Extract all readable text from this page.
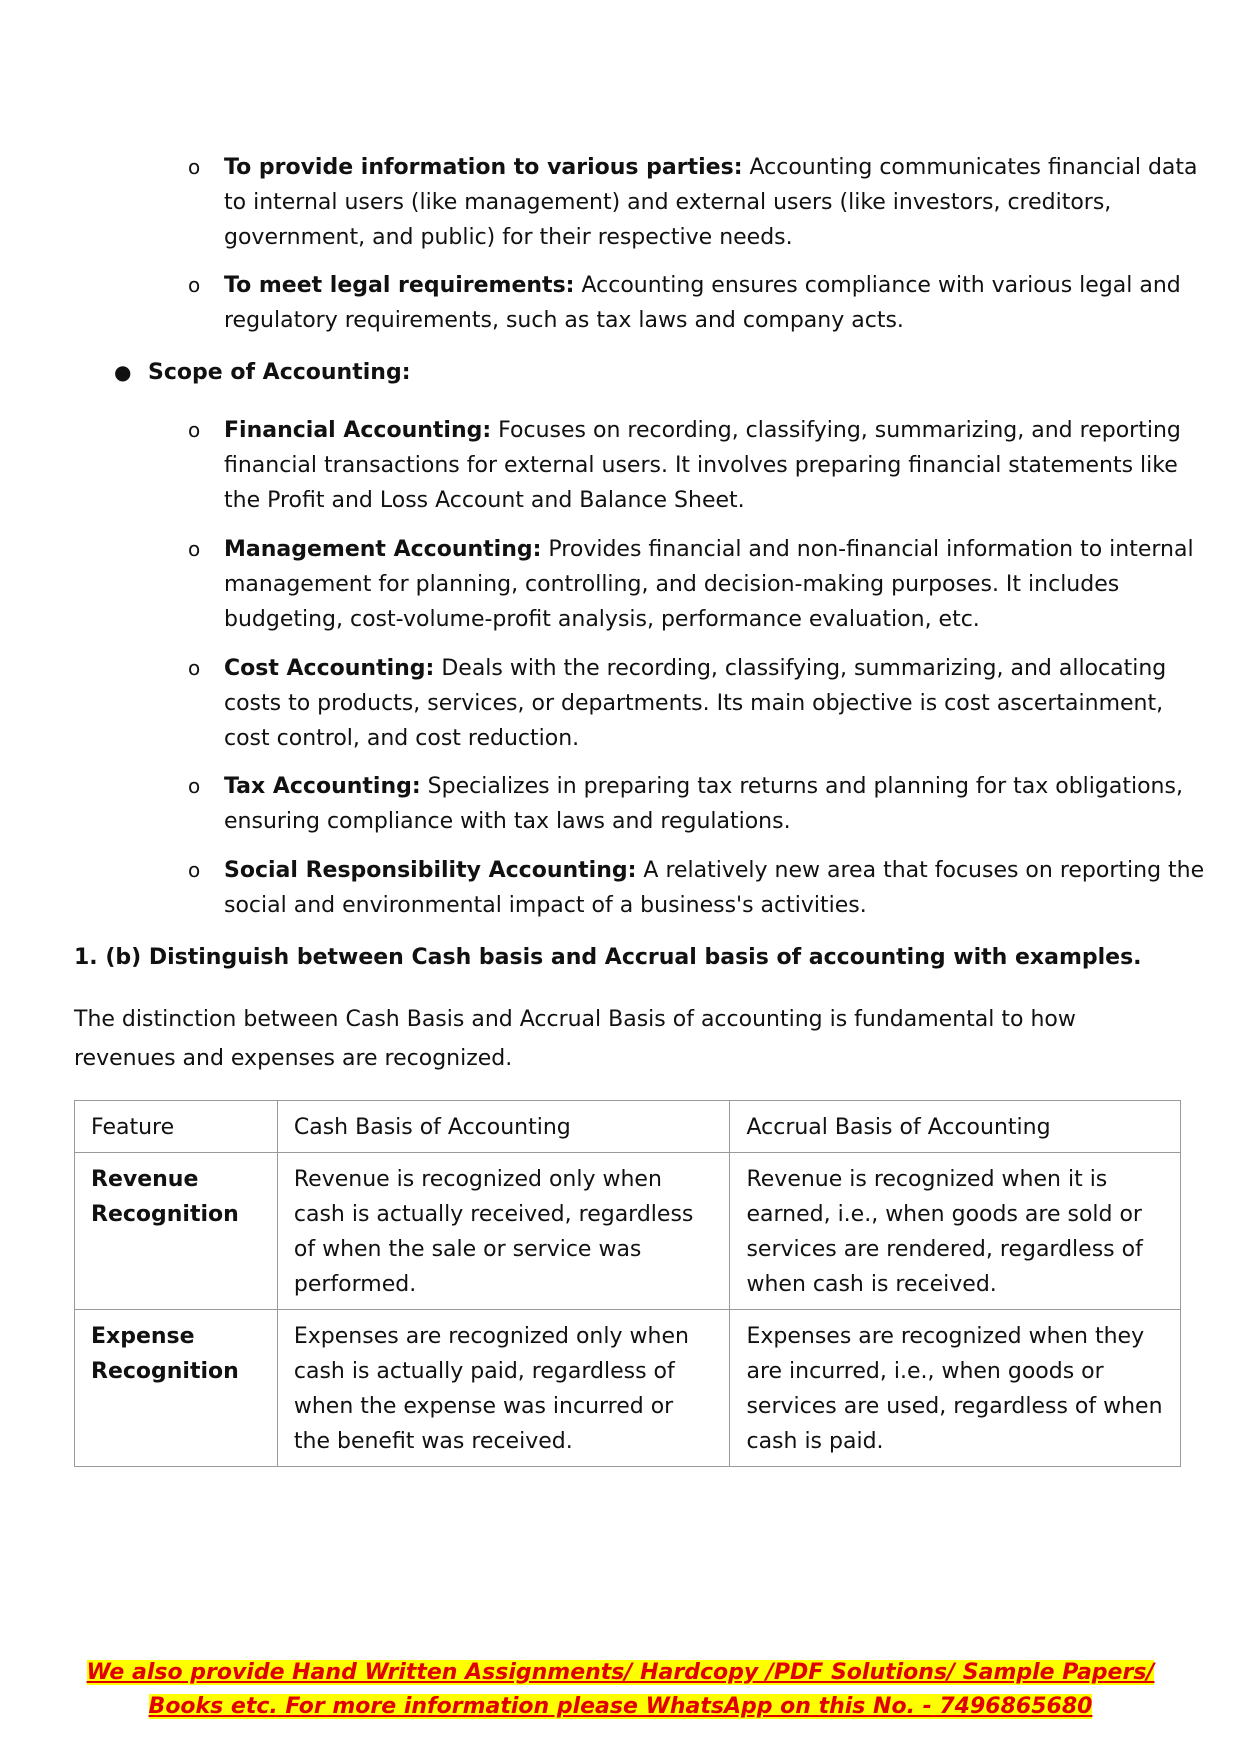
o	To provide information to various parties: Accounting communicates financial data to internal users (like management) and external users (like investors, creditors, government, and public) for their respective needs.
o	To meet legal requirements: Accounting ensures compliance with various legal and regulatory requirements, such as tax laws and company acts.
● Scope of Accounting:
o	Financial Accounting: Focuses on recording, classifying, summarizing, and reporting financial transactions for external users. It involves preparing financial statements like the Profit and Loss Account and Balance Sheet.
o	Management Accounting: Provides financial and non-financial information to internal management for planning, controlling, and decision-making purposes. It includes budgeting, cost-volume-profit analysis, performance evaluation, etc.
o	Cost Accounting: Deals with the recording, classifying, summarizing, and allocating costs to products, services, or departments. Its main objective is cost ascertainment, cost control, and cost reduction.
o	Tax Accounting: Specializes in preparing tax returns and planning for tax obligations, ensuring compliance with tax laws and regulations.
o	Social Responsibility Accounting: A relatively new area that focuses on reporting the social and environmental impact of a business's activities.
1. (b) Distinguish between Cash basis and Accrual basis of accounting with examples.
The distinction between Cash Basis and Accrual Basis of accounting is fundamental to how revenues and expenses are recognized.
Feature	Cash Basis of Accounting	Accrual Basis of Accounting
Revenue Recognition	Revenue is recognized only when cash is actually received, regardless of when the sale or service was performed.	Revenue is recognized when it is earned, i.e., when goods are sold or services are rendered, regardless of when cash is received.
Expense Recognition	Expenses are recognized only when cash is actually paid, regardless of when the expense was incurred or the benefit was received.	Expenses are recognized when they are incurred, i.e., when goods or services are used, regardless of when cash is paid.
We also provide Hand Written Assignments/ Hardcopy /PDF Solutions/ Sample Papers/
Books etc. For more information please WhatsApp on this No. - 7496865680
